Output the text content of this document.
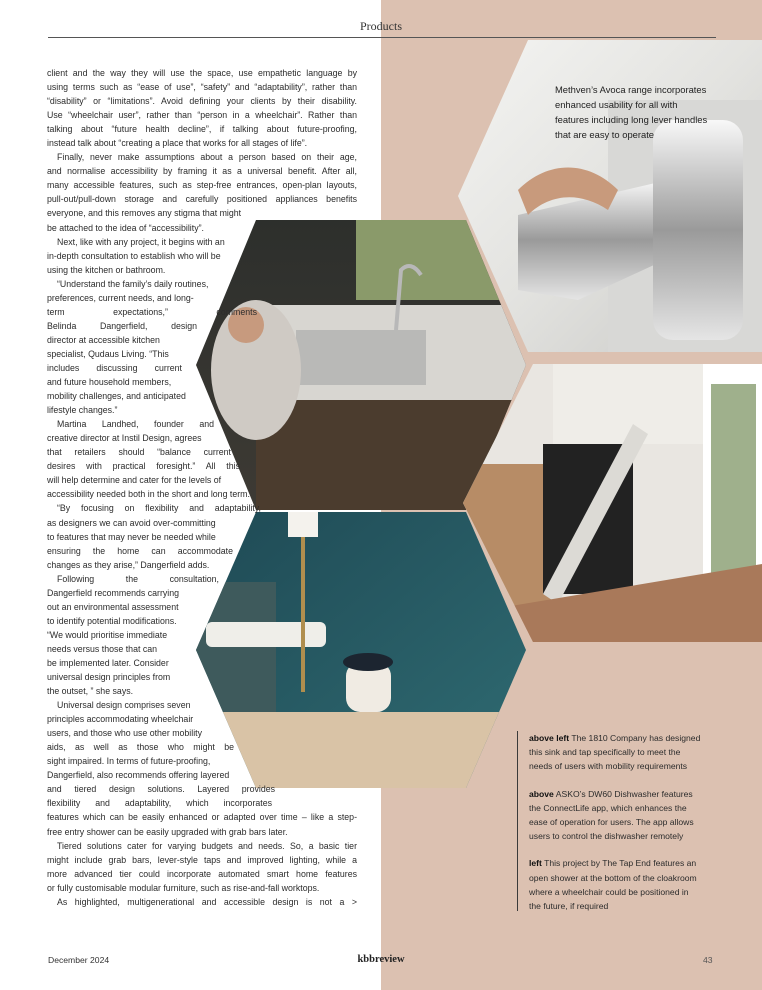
Products
client and the way they will use the space, use empathetic language by
using terms such as “ease of use”, “safety” and “adaptability”, rather than
“disability” or “limitations”. Avoid defining your clients by their disability.
Use “wheelchair user”, rather than “person in a wheelchair”. Rather than
talking about “future health decline”, if talking about future-proofing,
instead talk about “creating a place that works for all stages of life”.
Finally, never make assumptions about a person based on their age,
and normalise accessibility by framing it as a universal benefit. After all,
many accessible features, such as step-free entrances, open-plan layouts,
pull-out/pull-down storage and carefully positioned appliances benefits
everyone, and this removes any stigma that might
be attached to the idea of “accessibility”.
Next, like with any project, it begins with an
in-depth consultation to establish who will be
using the kitchen or bathroom.
“Understand the family’s daily routines,
preferences, current needs, and long-
term expectations,” comments
Belinda Dangerfield, design
director at accessible kitchen
specialist, Qudaus Living. “This
includes discussing current
and future household members,
mobility challenges, and anticipated
lifestyle changes.”
Martina Landhed, founder and
creative director at Instil Design, agrees
that retailers should “balance current
desires with practical foresight.” All this
will help determine and cater for the levels of
accessibility needed both in the short and long term.
“By focusing on flexibility and adaptability,
as designers we can avoid over-committing
to features that may never be needed while
ensuring the home can accommodate
changes as they arise,” Dangerfield adds.
Following the consultation,
Dangerfield recommends carrying
out an environmental assessment
to identify potential modifications.
“We would prioritise immediate
needs versus those that can
be implemented later. Consider
universal design principles from
the outset, ” she says.
Universal design comprises seven
principles accommodating wheelchair
users, and those who use other mobility
aids, as well as those who might be
sight impaired. In terms of future-proofing,
Dangerfield, also recommends offering layered
and tiered design solutions. Layered provides
flexibility and adaptability, which incorporates
features which can be easily enhanced or adapted over time – like a step-
free entry shower can be easily upgraded with grab bars later.
Tiered solutions cater for varying budgets and needs. So, a basic tier
might include grab bars, lever-style taps and improved lighting, while a
more advanced tier could incorporate automated smart home features
or fully customisable modular furniture, such as rise-and-fall worktops.
As highlighted, multigenerational and accessible design is not a >
Methven’s Avoca range incorporates
enhanced usability for all with
features including long lever handles
that are easy to operate
above left The 1810 Company has designed
this sink and tap specifically to meet the
needs of users with mobility requirements
above ASKO’s DW60 Dishwasher features
the ConnectLife app, which enhances the
ease of operation for users. The app allows
users to control the dishwasher remotely
left This project by The Tap End features an
open shower at the bottom of the cloakroom
where a wheelchair could be positioned in
the future, if required
December 2024	kbbreview	43
